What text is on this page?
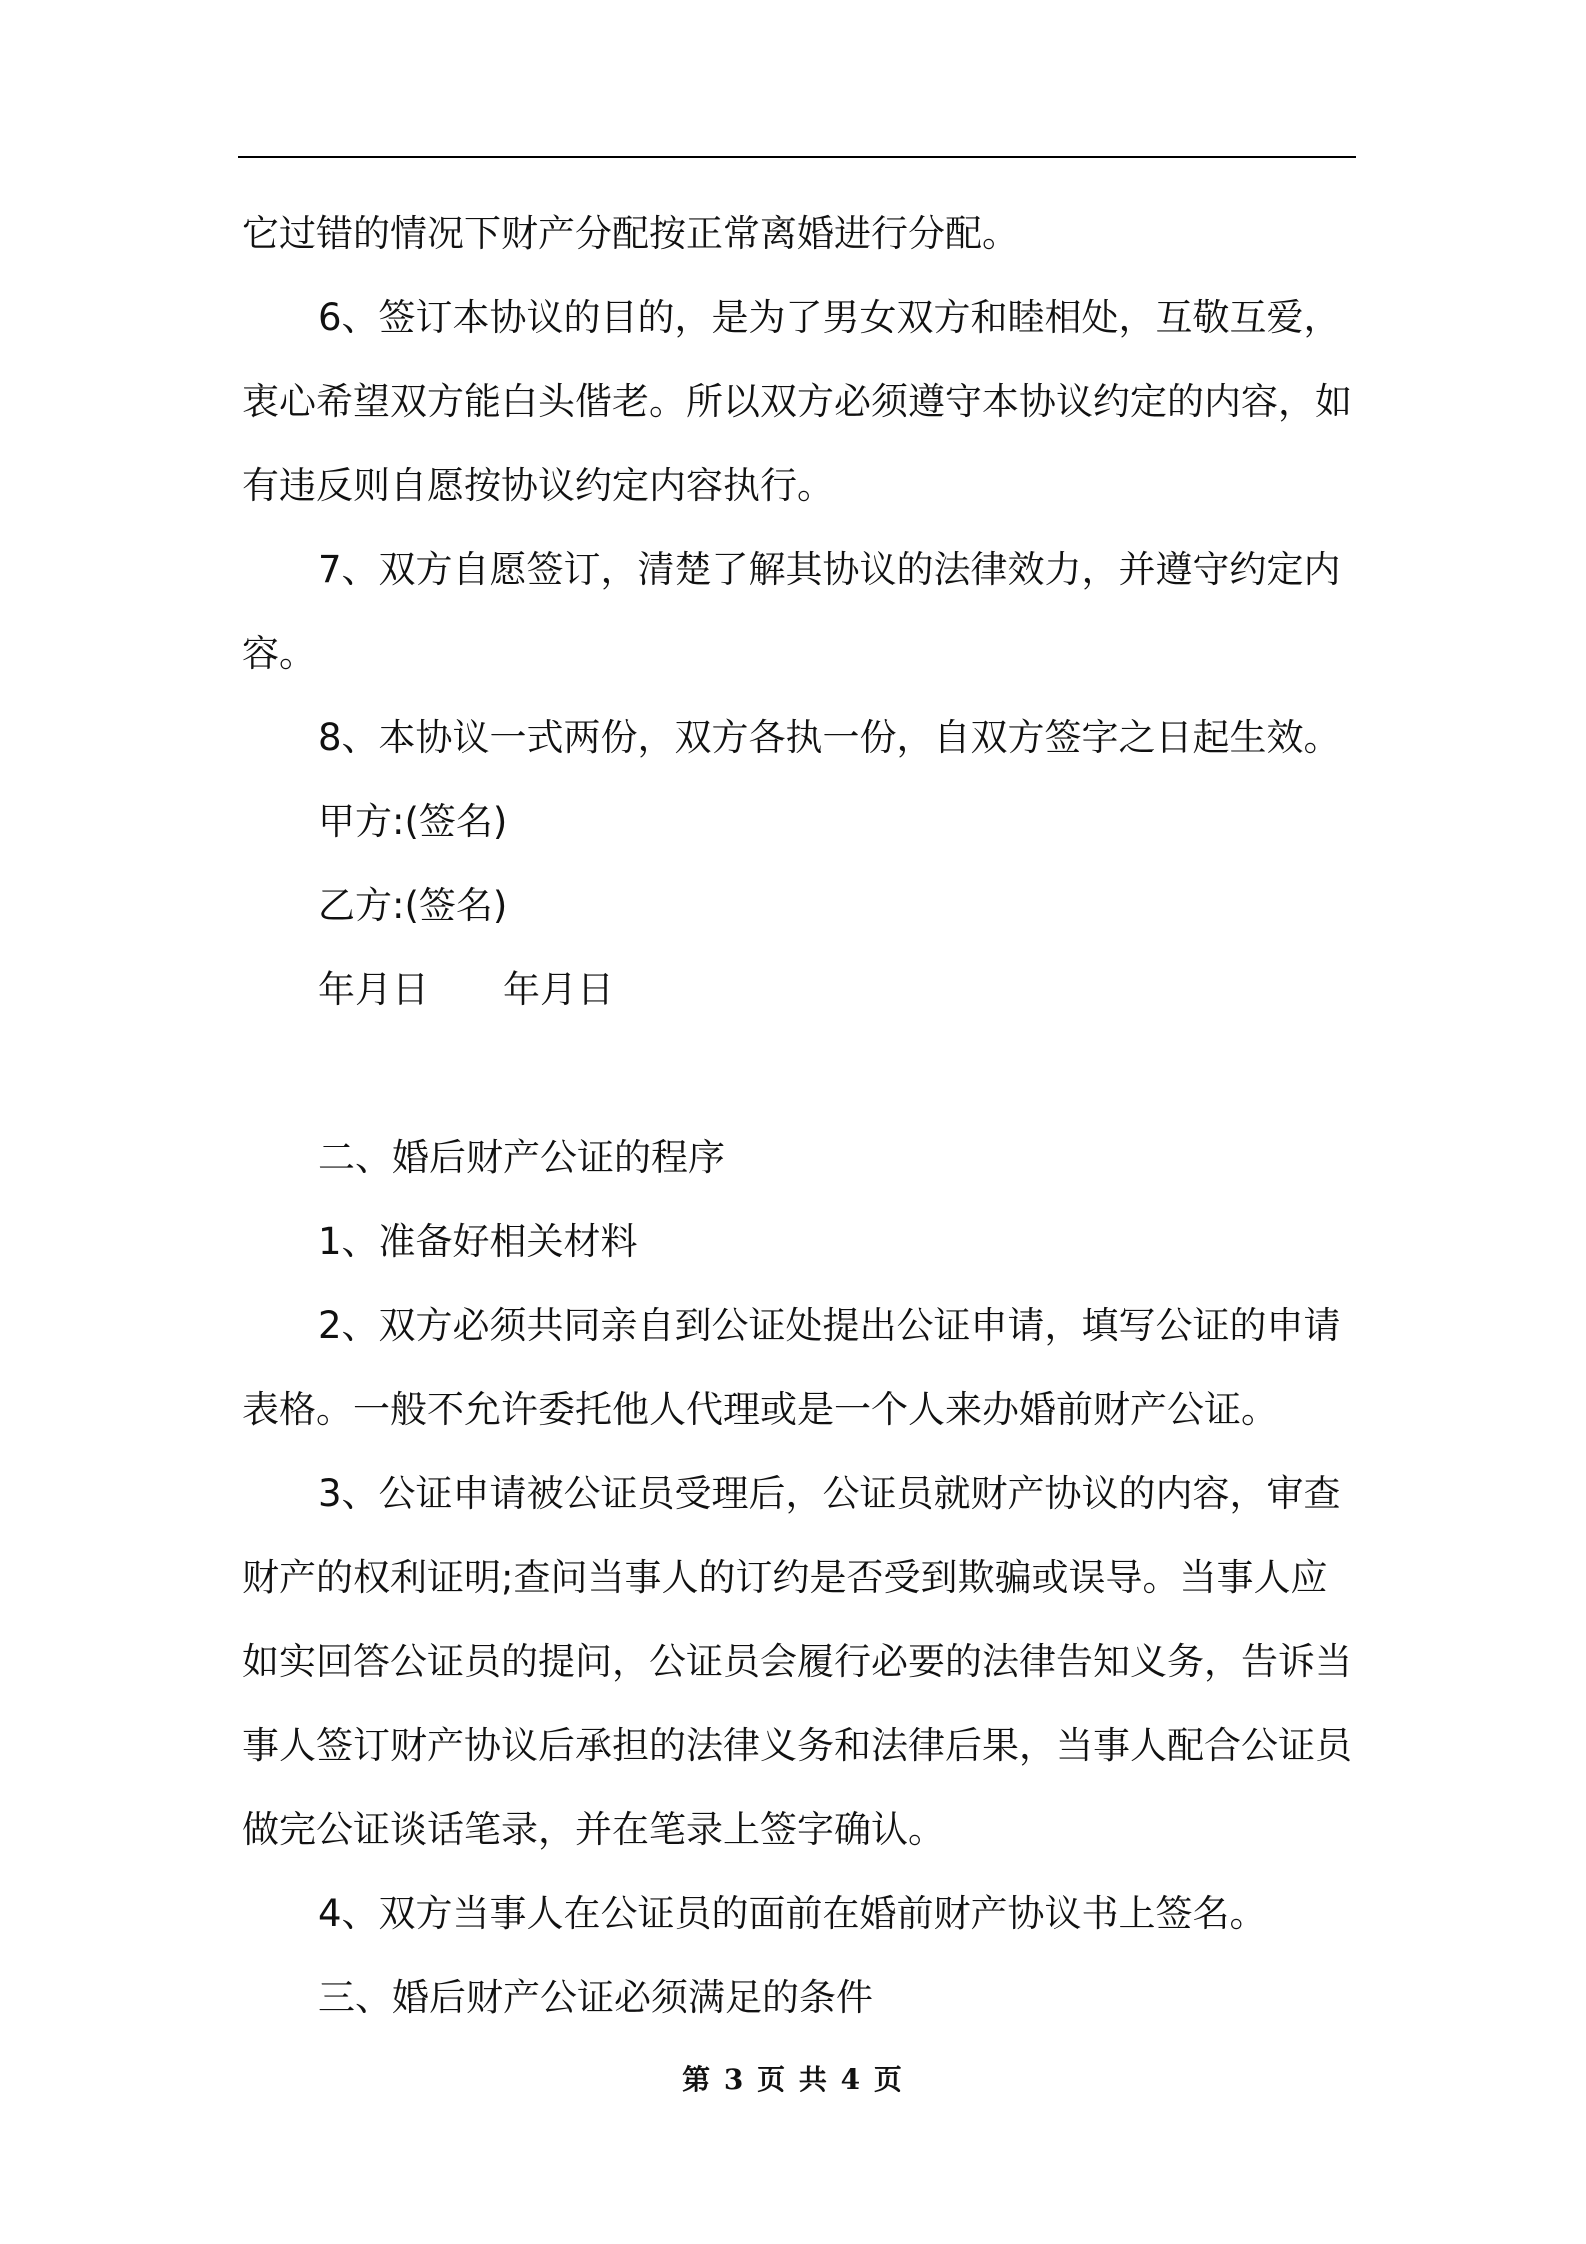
它过错的情况下财产分配按正常离婚进行分配。
6、签订本协议的目的，是为了男女双方和睦相处，互敬互爱，
衷心希望双方能白头偕老。所以双方必须遵守本协议约定的内容，如
有违反则自愿按协议约定内容执行。
7、双方自愿签订，清楚了解其协议的法律效力，并遵守约定内
容。
8、本协议一式两份，双方各执一份，自双方签字之日起生效。
甲方:(签名)
乙方:(签名)
年月日　　年月日
二、婚后财产公证的程序
1、准备好相关材料
2、双方必须共同亲自到公证处提出公证申请，填写公证的申请
表格。一般不允许委托他人代理或是一个人来办婚前财产公证。
3、公证申请被公证员受理后，公证员就财产协议的内容，审查
财产的权利证明;查问当事人的订约是否受到欺骗或误导。当事人应
如实回答公证员的提问，公证员会履行必要的法律告知义务，告诉当
事人签订财产协议后承担的法律义务和法律后果，当事人配合公证员
做完公证谈话笔录，并在笔录上签字确认。
4、双方当事人在公证员的面前在婚前财产协议书上签名。
三、婚后财产公证必须满足的条件
第 3 页 共 4 页
